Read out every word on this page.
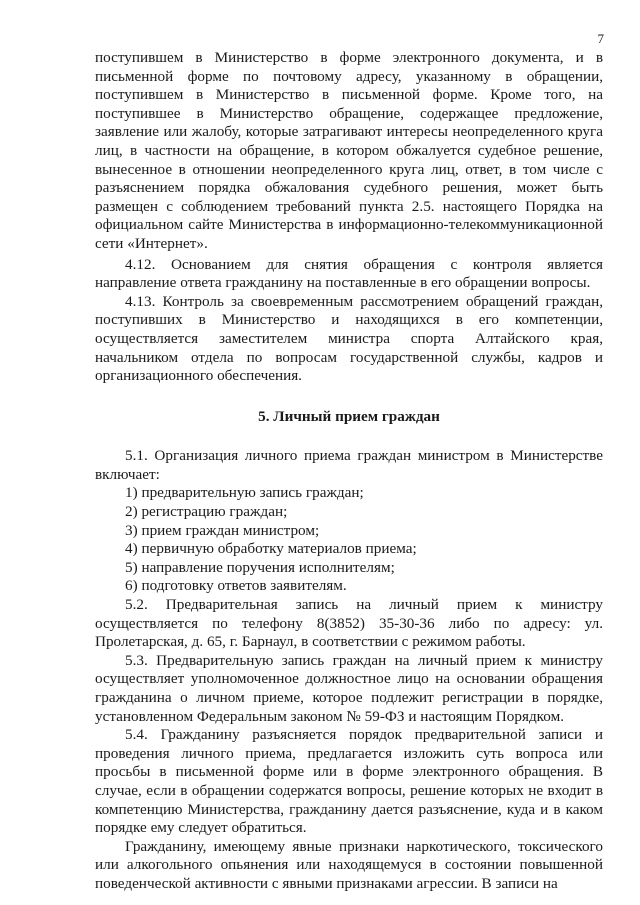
7

поступившем в Министерство в форме электронного документа, и в письменной форме по почтовому адресу, указанному в обращении, поступившем в Министерство в письменной форме. Кроме того, на поступившее в Министерство обращение, содержащее предложение, заявление или жалобу, которые затрагивают интересы неопределенного круга лиц, в частности на обращение, в котором обжалуется судебное решение, вынесенное в отношении неопределенного круга лиц, ответ, в том числе с разъяснением порядка обжалования судебного решения, может быть размещен с соблюдением требований пункта 2.5. настоящего Порядка на официальном сайте Министерства в информационно-телекоммуникационной сети «Интернет».

4.12. Основанием для снятия обращения с контроля является направление ответа гражданину на поставленные в его обращении вопросы.

4.13. Контроль за своевременным рассмотрением обращений граждан, поступивших в Министерство и находящихся в его компетенции, осуществляется заместителем министра спорта Алтайского края, начальником отдела по вопросам государственной службы, кадров и организационного обеспечения.

5. Личный прием граждан

5.1. Организация личного приема граждан министром в Министерстве включает:

1) предварительную запись граждан;
2) регистрацию граждан;
3) прием граждан министром;
4) первичную обработку материалов приема;
5) направление поручения исполнителям;
6) подготовку ответов заявителям.

5.2. Предварительная запись на личный прием к министру осуществляется по телефону 8(3852) 35-30-36 либо по адресу: ул. Пролетарская, д. 65, г. Барнаул, в соответствии с режимом работы.

5.3. Предварительную запись граждан на личный прием к министру осуществляет уполномоченное должностное лицо на основании обращения гражданина о личном приеме, которое подлежит регистрации в порядке, установленном Федеральным законом № 59-ФЗ и настоящим Порядком.

5.4. Гражданину разъясняется порядок предварительной записи и проведения личного приема, предлагается изложить суть вопроса или просьбы в письменной форме или в форме электронного обращения. В случае, если в обращении содержатся вопросы, решение которых не входит в компетенцию Министерства, гражданину дается разъяснение, куда и в каком порядке ему следует обратиться.

Гражданину, имеющему явные признаки наркотического, токсического или алкогольного опьянения или находящемуся в состоянии повышенной поведенческой активности с явными признаками агрессии. В записи на
